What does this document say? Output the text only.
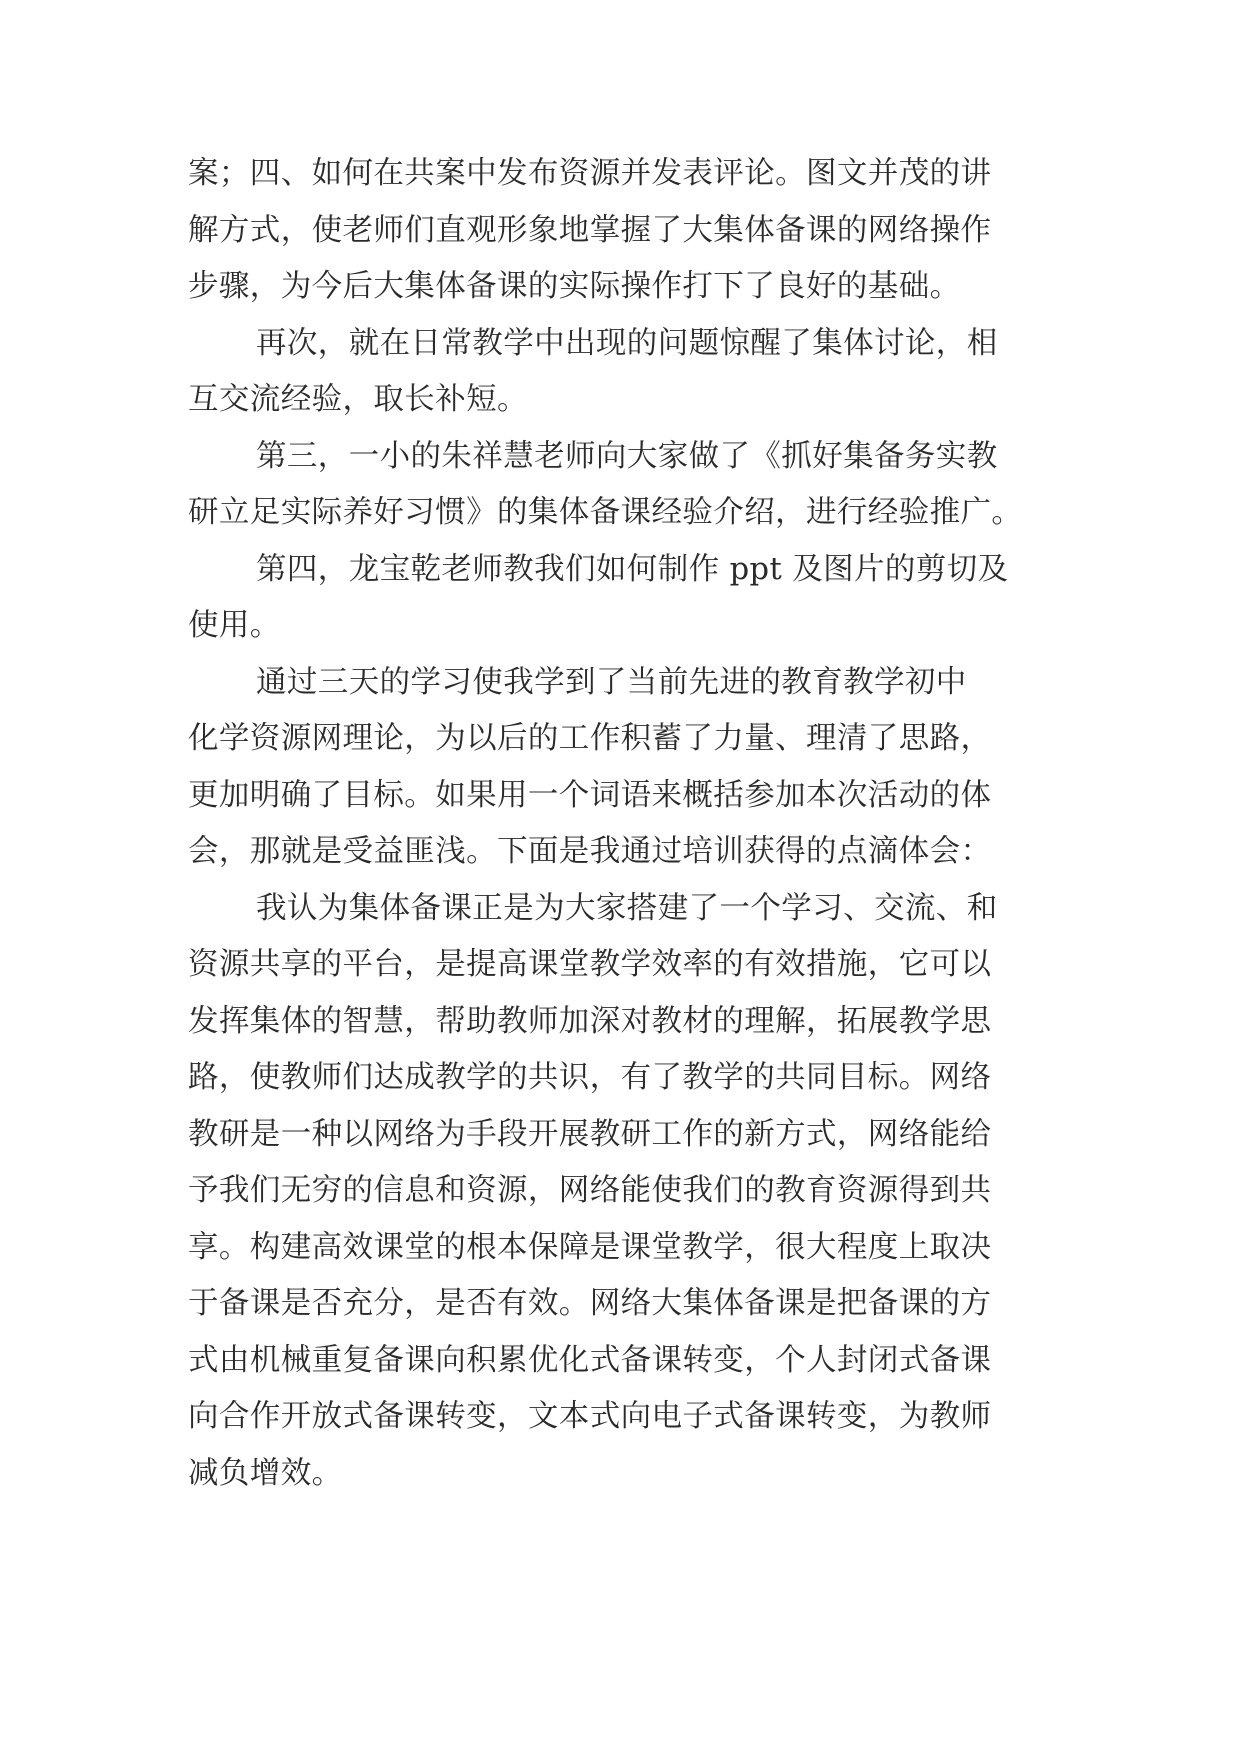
案；四、如何在共案中发布资源并发表评论。图文并茂的讲
解方式，使老师们直观形象地掌握了大集体备课的网络操作
步骤，为今后大集体备课的实际操作打下了良好的基础。
再次，就在日常教学中出现的问题惊醒了集体讨论，相
互交流经验，取长补短。
第三，一小的朱祥慧老师向大家做了《抓好集备务实教
研立足实际养好习惯》的集体备课经验介绍，进行经验推广。
第四，龙宝乾老师教我们如何制作 ppt 及图片的剪切及
使用。
通过三天的学习使我学到了当前先进的教育教学初中
化学资源网理论，为以后的工作积蓄了力量、理清了思路，
更加明确了目标。如果用一个词语来概括参加本次活动的体
会，那就是受益匪浅。下面是我通过培训获得的点滴体会：
我认为集体备课正是为大家搭建了一个学习、交流、和
资源共享的平台，是提高课堂教学效率的有效措施，它可以
发挥集体的智慧，帮助教师加深对教材的理解，拓展教学思
路，使教师们达成教学的共识，有了教学的共同目标。网络
教研是一种以网络为手段开展教研工作的新方式，网络能给
予我们无穷的信息和资源，网络能使我们的教育资源得到共
享。构建高效课堂的根本保障是课堂教学，很大程度上取决
于备课是否充分，是否有效。网络大集体备课是把备课的方
式由机械重复备课向积累优化式备课转变，个人封闭式备课
向合作开放式备课转变，文本式向电子式备课转变，为教师
减负增效。
